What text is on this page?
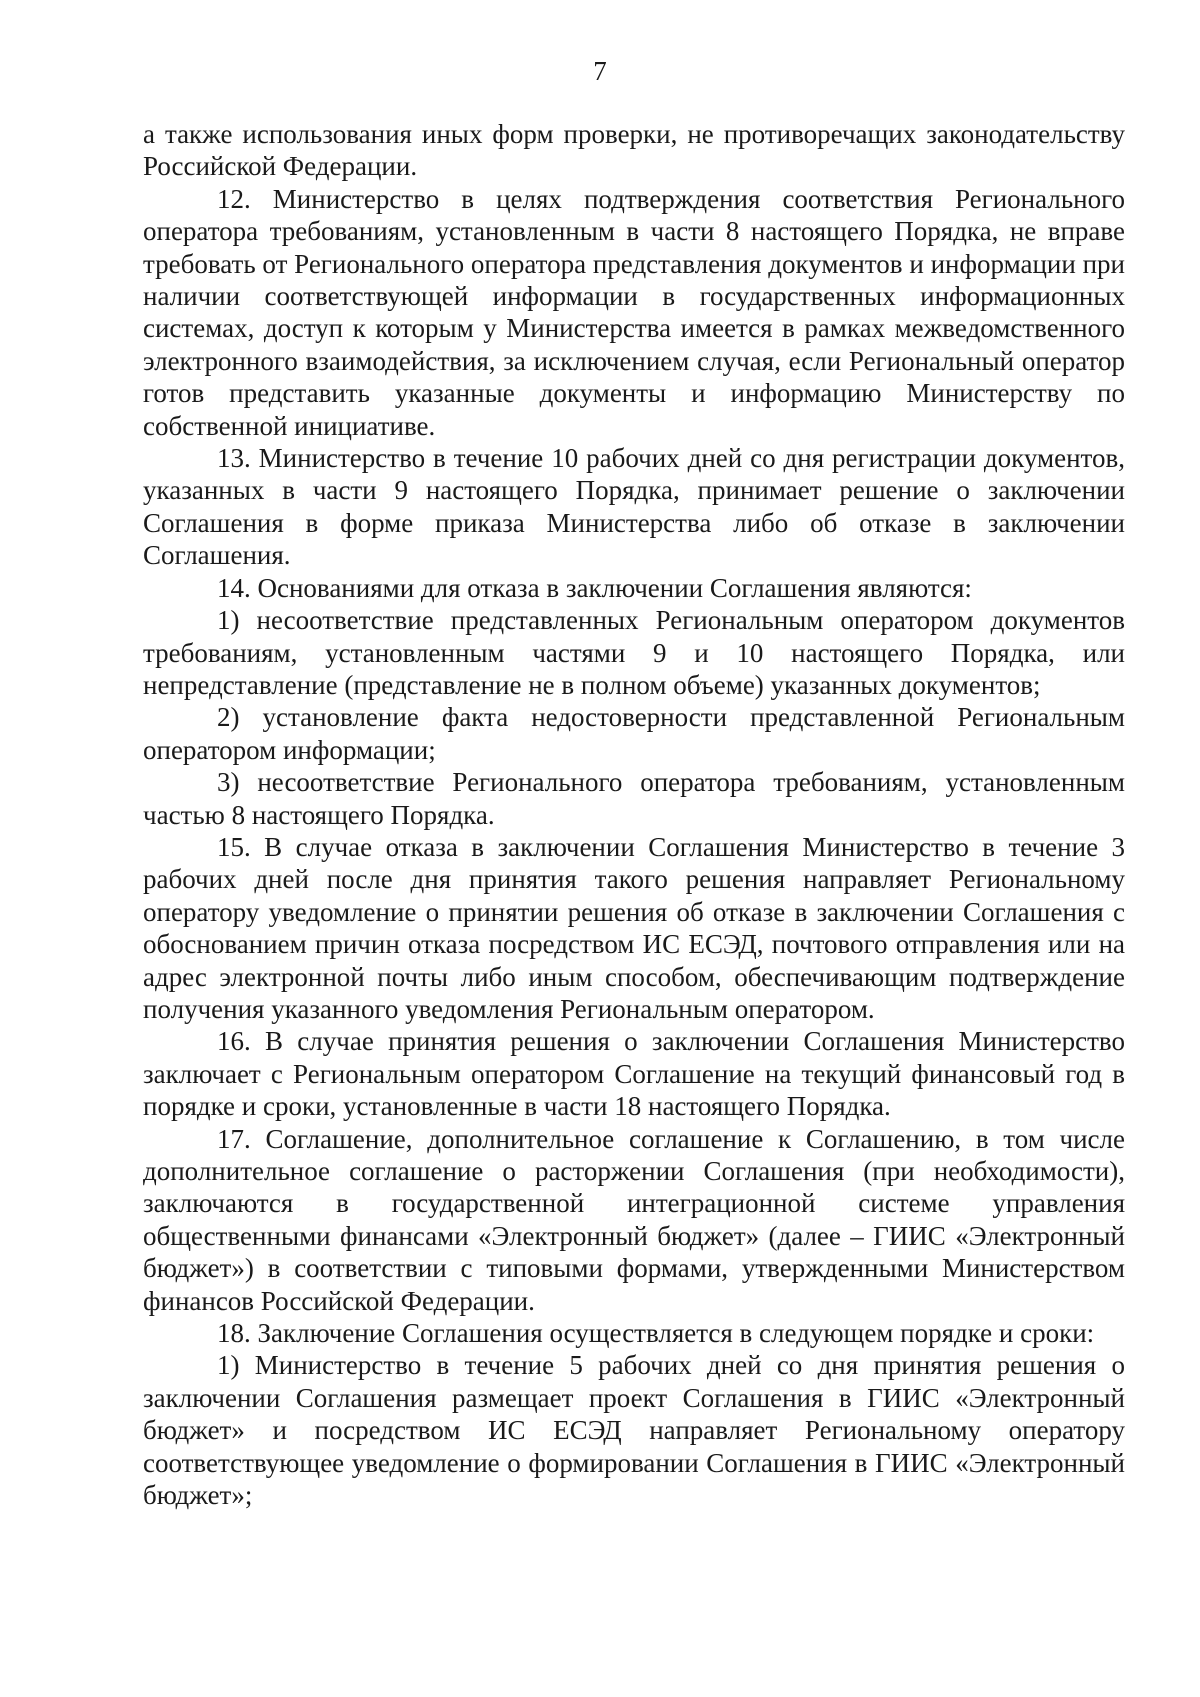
7

а также использования иных форм проверки, не противоречащих законодательству Российской Федерации.

12. Министерство в целях подтверждения соответствия Регионального оператора требованиям, установленным в части 8 настоящего Порядка, не вправе требовать от Регионального оператора представления документов и информации при наличии соответствующей информации в государственных информационных системах, доступ к которым у Министерства имеется в рамках межведомственного электронного взаимодействия, за исключением случая, если Региональный оператор готов представить указанные документы и информацию Министерству по собственной инициативе.

13. Министерство в течение 10 рабочих дней со дня регистрации документов, указанных в части 9 настоящего Порядка, принимает решение о заключении Соглашения в форме приказа Министерства либо об отказе в заключении Соглашения.

14. Основаниями для отказа в заключении Соглашения являются:

1) несоответствие представленных Региональным оператором документов требованиям, установленным частями 9 и 10 настоящего Порядка, или непредставление (представление не в полном объеме) указанных документов;

2) установление факта недостоверности представленной Региональным оператором информации;

3) несоответствие Регионального оператора требованиям, установленным частью 8 настоящего Порядка.

15. В случае отказа в заключении Соглашения Министерство в течение 3 рабочих дней после дня принятия такого решения направляет Региональному оператору уведомление о принятии решения об отказе в заключении Соглашения с обоснованием причин отказа посредством ИС ЕСЭД, почтового отправления или на адрес электронной почты либо иным способом, обеспечивающим подтверждение получения указанного уведомления Региональным оператором.

16. В случае принятия решения о заключении Соглашения Министерство заключает с Региональным оператором Соглашение на текущий финансовый год в порядке и сроки, установленные в части 18 настоящего Порядка.

17. Соглашение, дополнительное соглашение к Соглашению, в том числе дополнительное соглашение о расторжении Соглашения (при необходимости), заключаются в государственной интеграционной системе управления общественными финансами «Электронный бюджет» (далее – ГИИС «Электронный бюджет») в соответствии с типовыми формами, утвержденными Министерством финансов Российской Федерации.

18. Заключение Соглашения осуществляется в следующем порядке и сроки:

1) Министерство в течение 5 рабочих дней со дня принятия решения о заключении Соглашения размещает проект Соглашения в ГИИС «Электронный бюджет» и посредством ИС ЕСЭД направляет Региональному оператору соответствующее уведомление о формировании Соглашения в ГИИС «Электронный бюджет»;
